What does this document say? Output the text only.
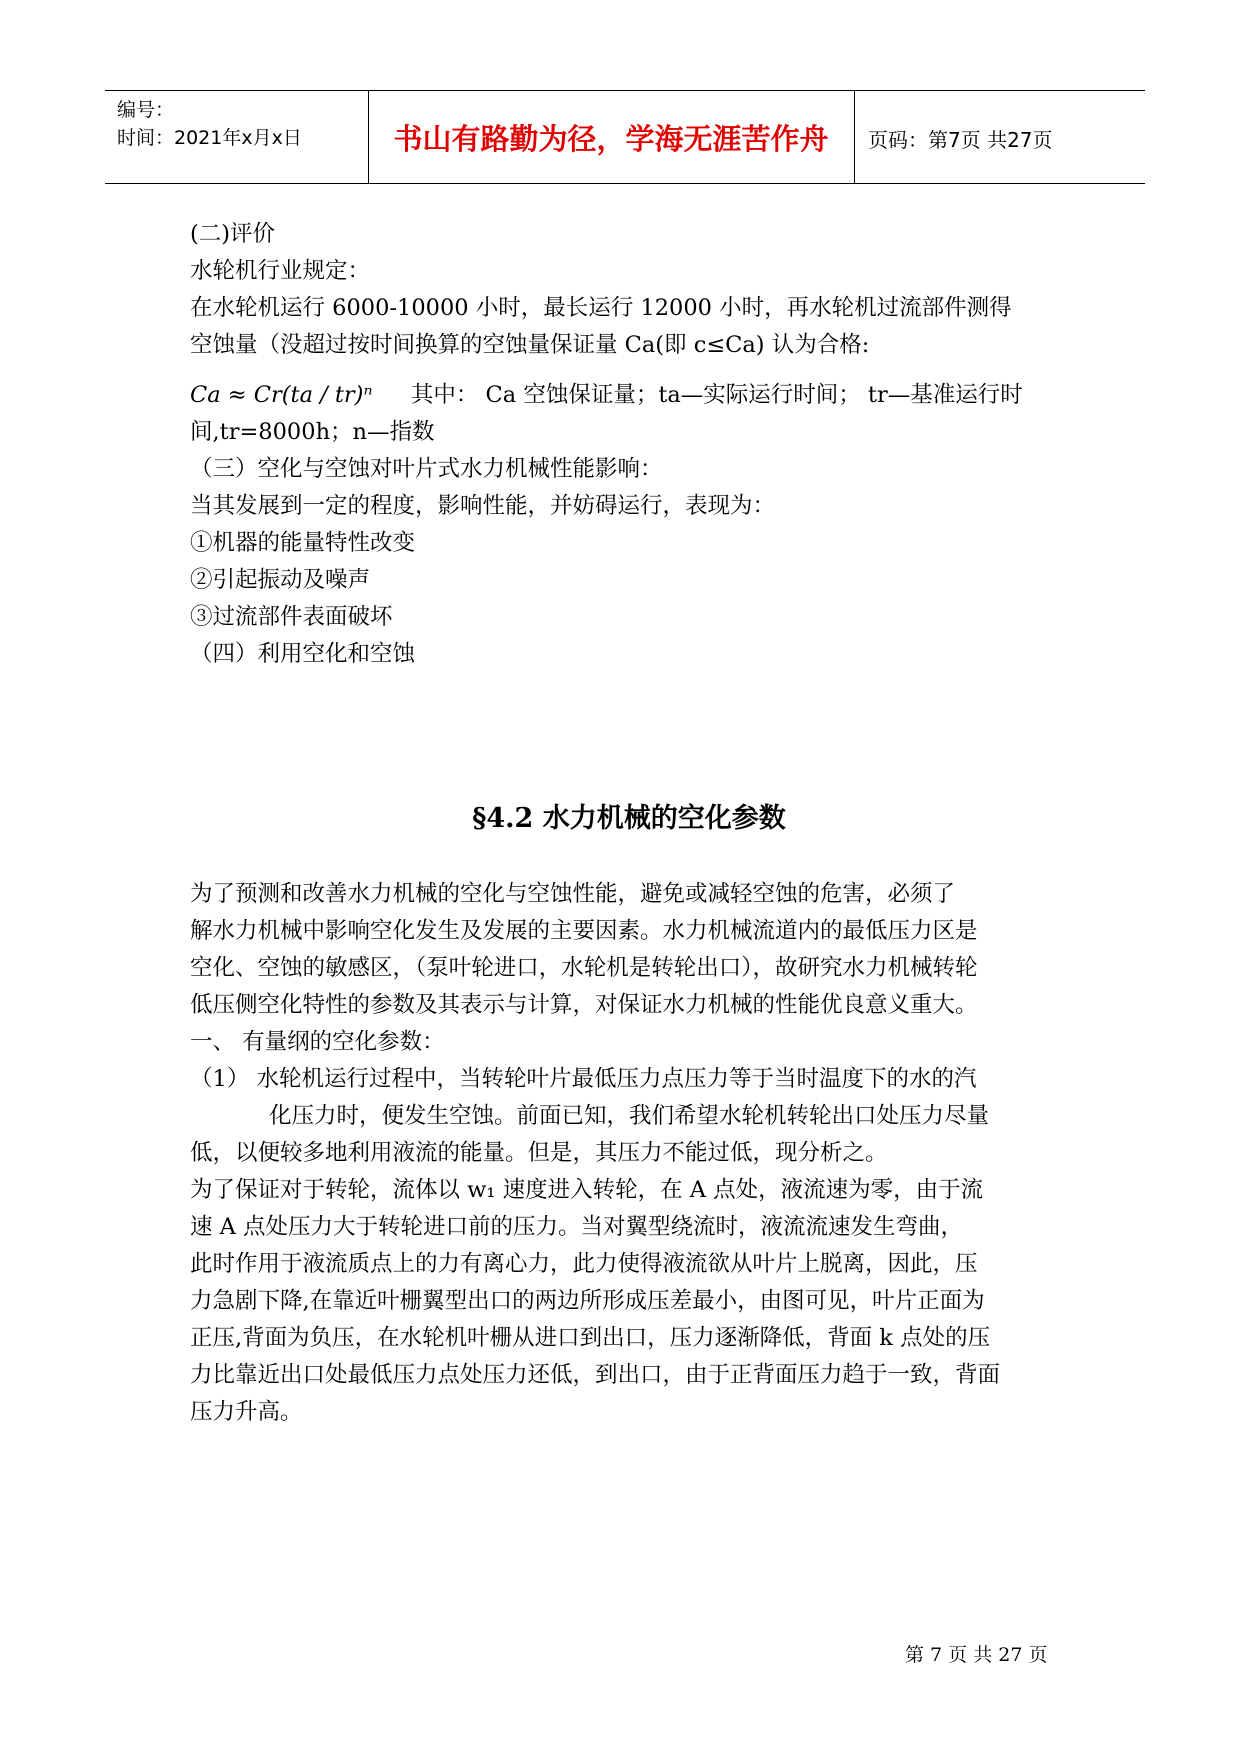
编号：
时间：2021年x月x日	书山有路勤为径，学海无涯苦作舟	页码：第7页 共27页
(二)评价
水轮机行业规定：
在水轮机运行 6000-10000 小时，最长运行 12000 小时，再水轮机过流部件测得
空蚀量（没超过按时间换算的空蚀量保证量 Ca(即 c≤Ca) 认为合格:
Ca ≈ Cr(ta / tr)ⁿ 其中： Ca 空蚀保证量；ta—实际运行时间； tr—基准运行时
间,tr=8000h；n—指数
（三）空化与空蚀对叶片式水力机械性能影响：
当其发展到一定的程度，影响性能，并妨碍运行，表现为：
①机器的能量特性改变
②引起振动及噪声
③过流部件表面破坏
（四）利用空化和空蚀
§4.2 水力机械的空化参数
为了预测和改善水力机械的空化与空蚀性能，避免或减轻空蚀的危害，必须了
解水力机械中影响空化发生及发展的主要因素。水力机械流道内的最低压力区是
空化、空蚀的敏感区，（泵叶轮进口，水轮机是转轮出口），故研究水力机械转轮
低压侧空化特性的参数及其表示与计算，对保证水力机械的性能优良意义重大。
一、 有量纲的空化参数：
（1） 水轮机运行过程中，当转轮叶片最低压力点压力等于当时温度下的水的汽
化压力时，便发生空蚀。前面已知，我们希望水轮机转轮出口处压力尽量
低，以便较多地利用液流的能量。但是，其压力不能过低，现分析之。
为了保证对于转轮，流体以 w₁ 速度进入转轮，在 A 点处，液流速为零，由于流
速 A 点处压力大于转轮进口前的压力。当对翼型绕流时，液流流速发生弯曲，
此时作用于液流质点上的力有离心力，此力使得液流欲从叶片上脱离，因此，压
力急剧下降,在靠近叶栅翼型出口的两边所形成压差最小，由图可见，叶片正面为
正压,背面为负压，在水轮机叶栅从进口到出口，压力逐渐降低，背面 k 点处的压
力比靠近出口处最低压力点处压力还低，到出口，由于正背面压力趋于一致，背面
压力升高。
第 7 页 共 27 页
